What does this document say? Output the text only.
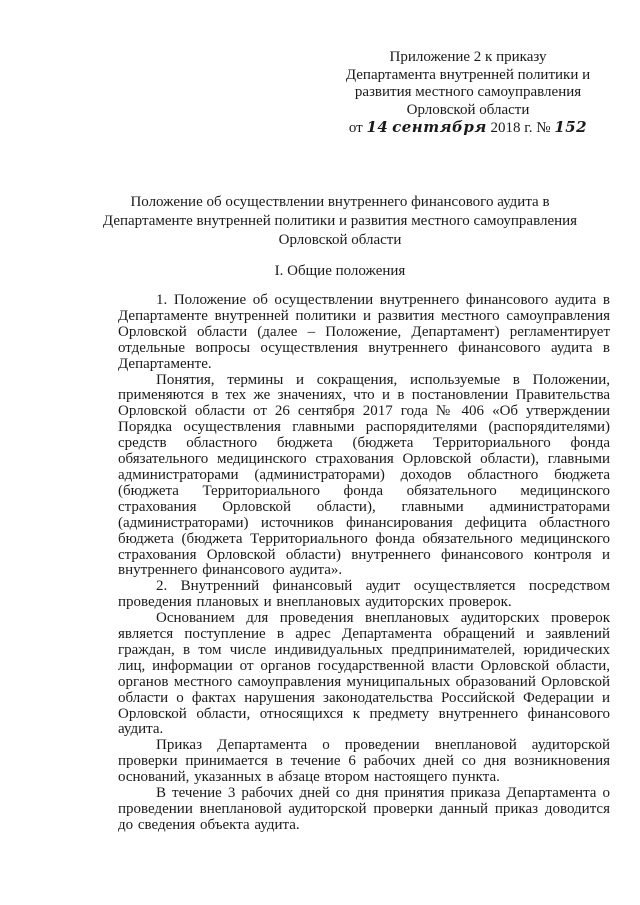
Приложение 2 к приказу
Департамента внутренней политики и
развития местного самоуправления
Орловской области
от 14 сентября 2018 г. № 152
Положение об осуществлении внутреннего финансового аудита в
Департаменте внутренней политики и развития местного самоуправления
Орловской области
I. Общие положения

1. Положение об осуществлении внутреннего финансового аудита в Департаменте внутренней политики и развития местного самоуправления Орловской области (далее – Положение, Департамент) регламентирует отдельные вопросы осуществления внутреннего финансового аудита в Департаменте.

Понятия, термины и сокращения, используемые в Положении, применяются в тех же значениях, что и в постановлении Правительства Орловской области от 26 сентября 2017 года № 406 «Об утверждении Порядка осуществления главными распорядителями (распорядителями) средств областного бюджета (бюджета Территориального фонда обязательного медицинского страхования Орловской области), главными администраторами (администраторами) доходов областного бюджета (бюджета Территориального фонда обязательного медицинского страхования Орловской области), главными администраторами (администраторами) источников финансирования дефицита областного бюджета (бюджета Территориального фонда обязательного медицинского страхования Орловской области) внутреннего финансового контроля и внутреннего финансового аудита».

2. Внутренний финансовый аудит осуществляется посредством проведения плановых и внеплановых аудиторских проверок.

Основанием для проведения внеплановых аудиторских проверок является поступление в адрес Департамента обращений и заявлений граждан, в том числе индивидуальных предпринимателей, юридических лиц, информации от органов государственной власти Орловской области, органов местного самоуправления муниципальных образований Орловской области о фактах нарушения законодательства Российской Федерации и Орловской области, относящихся к предмету внутреннего финансового аудита.

Приказ Департамента о проведении внеплановой аудиторской проверки принимается в течение 6 рабочих дней со дня возникновения оснований, указанных в абзаце втором настоящего пункта.

В течение 3 рабочих дней со дня принятия приказа Департамента о проведении внеплановой аудиторской проверки данный приказ доводится до сведения объекта аудита.
